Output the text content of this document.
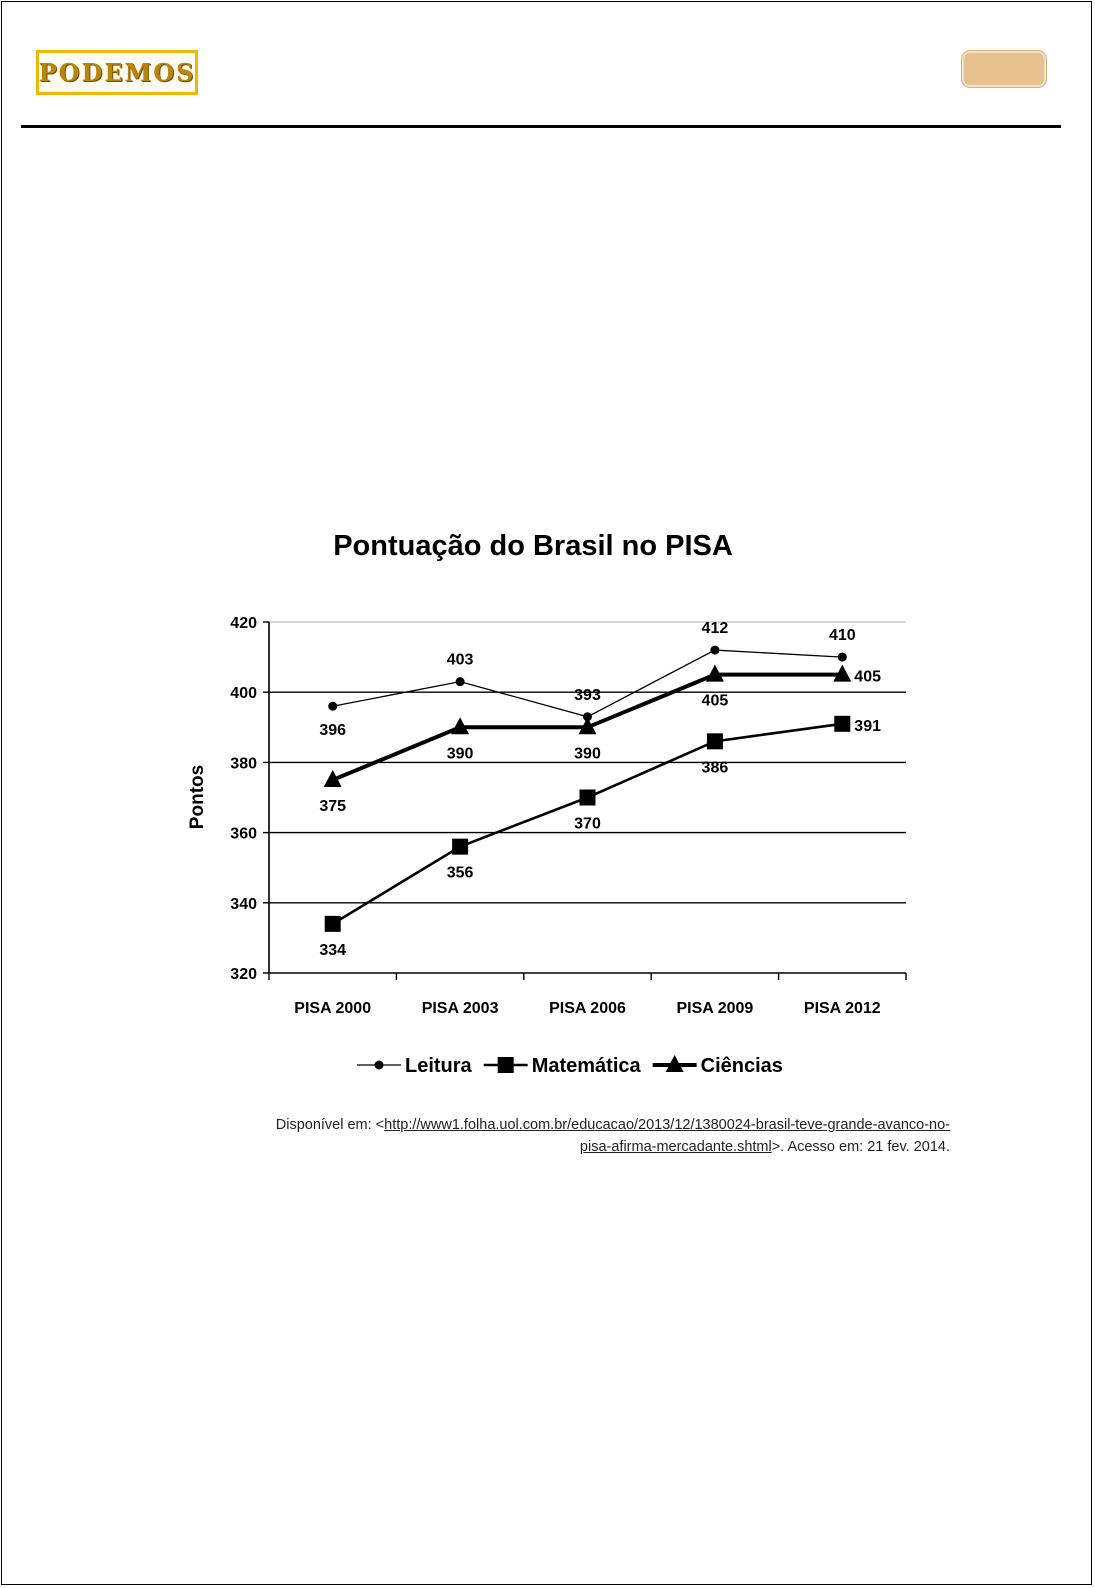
PODEMOS
Pontuação do Brasil no PISA
Pontos
320
340
360
380
400
420
PISA 2000	PISA 2003	PISA 2006	PISA 2009	PISA 2012
396
403
393
412	410
334
356
370
386
391
375
390	390
405
405
Leitura	Matemática	Ciências
Disponível em: <http://www1.folha.uol.com.br/educacao/2013/12/1380024-brasil-teve-grande-avanco-no-
pisa-afirma-mercadante.shtml>. Acesso em: 21 fev. 2014.
